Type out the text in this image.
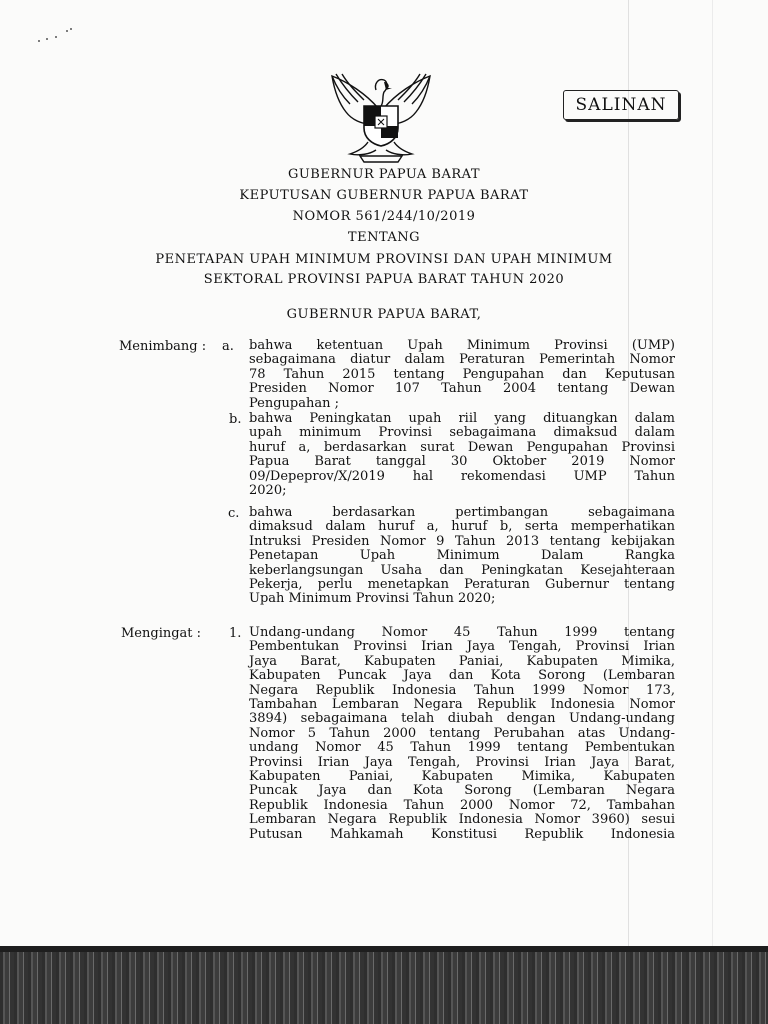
SALINAN
GUBERNUR PAPUA BARAT
KEPUTUSAN GUBERNUR PAPUA BARAT
NOMOR 561/244/10/2019
TENTANG
PENETAPAN UPAH MINIMUM PROVINSI DAN UPAH MINIMUM
SEKTORAL PROVINSI PAPUA BARAT TAHUN 2020
GUBERNUR PAPUA BARAT,
Menimbang : a. bahwa ketentuan Upah Minimum Provinsi (UMP)
sebagaimana diatur dalam Peraturan Pemerintah Nomor
78 Tahun 2015 tentang Pengupahan dan Keputusan
Presiden Nomor 107 Tahun 2004 tentang Dewan
Pengupahan ;
b. bahwa Peningkatan upah riil yang dituangkan dalam
upah minimum Provinsi sebagaimana dimaksud dalam
huruf a, berdasarkan surat Dewan Pengupahan Provinsi
Papua Barat tanggal 30 Oktober 2019 Nomor
09/Depeprov/X/2019 hal rekomendasi UMP Tahun
2020;
c. bahwa berdasarkan pertimbangan sebagaimana
dimaksud dalam huruf a, huruf b, serta memperhatikan
Intruksi Presiden Nomor 9 Tahun 2013 tentang kebijakan
Penetapan Upah Minimum Dalam Rangka
keberlangsungan Usaha dan Peningkatan Kesejahteraan
Pekerja, perlu menetapkan Peraturan Gubernur tentang
Upah Minimum Provinsi Tahun 2020;
Mengingat : 1. Undang-undang Nomor 45 Tahun 1999 tentang
Pembentukan Provinsi Irian Jaya Tengah, Provinsi Irian
Jaya Barat, Kabupaten Paniai, Kabupaten Mimika,
Kabupaten Puncak Jaya dan Kota Sorong (Lembaran
Negara Republik Indonesia Tahun 1999 Nomor 173,
Tambahan Lembaran Negara Republik Indonesia Nomor
3894) sebagaimana telah diubah dengan Undang-undang
Nomor 5 Tahun 2000 tentang Perubahan atas Undang-
undang Nomor 45 Tahun 1999 tentang Pembentukan
Provinsi Irian Jaya Tengah, Provinsi Irian Jaya Barat,
Kabupaten Paniai, Kabupaten Mimika, Kabupaten
Puncak Jaya dan Kota Sorong (Lembaran Negara
Republik Indonesia Tahun 2000 Nomor 72, Tambahan
Lembaran Negara Republik Indonesia Nomor 3960) sesui
Putusan Mahkamah Konstitusi Republik Indonesia
